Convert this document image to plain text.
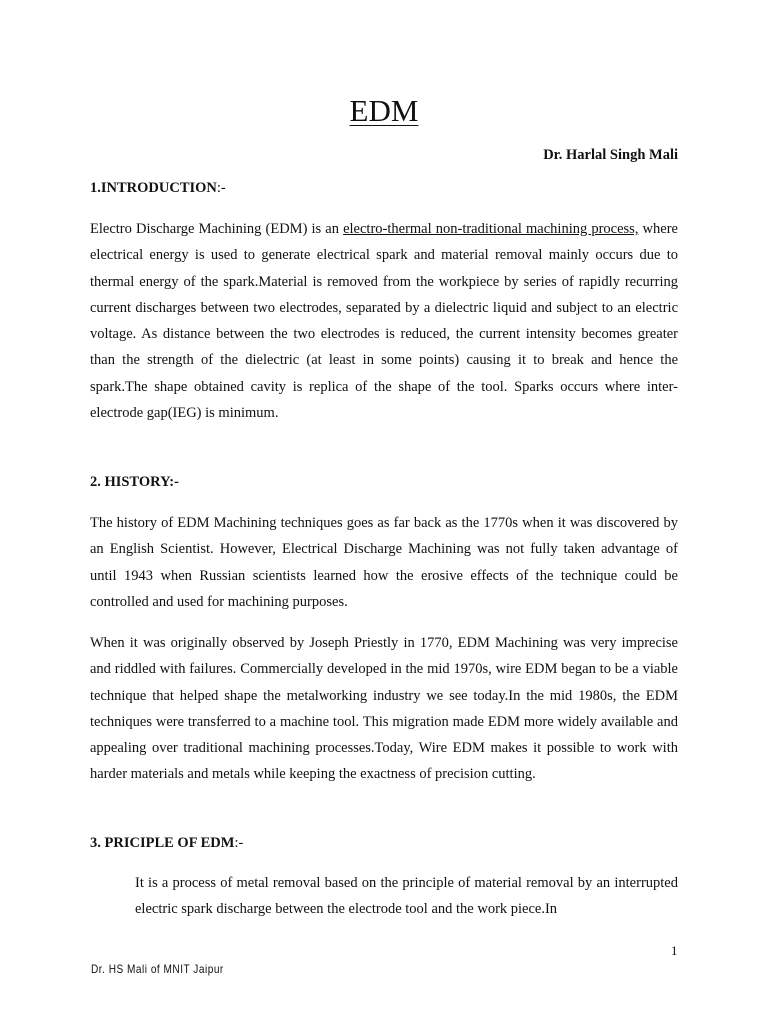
EDM
Dr. Harlal Singh Mali
1.INTRODUCTION:-

Electro Discharge Machining (EDM) is an electro-thermal non-traditional machining process, where electrical energy is used to generate electrical spark and material removal mainly occurs due to thermal energy of the spark.Material is removed from the workpiece by series of rapidly recurring current discharges between two electrodes, separated by a dielectric liquid and subject to an electric voltage. As distance between the two electrodes is reduced, the current intensity becomes greater than the strength of the dielectric (at least in some points) causing it to break and hence the spark.The shape obtained cavity is replica of the shape of the tool. Sparks occurs where inter-electrode gap(IEG) is minimum.

2. HISTORY:-

The history of EDM Machining techniques goes as far back as the 1770s when it was discovered by an English Scientist. However, Electrical Discharge Machining was not fully taken advantage of until 1943 when Russian scientists learned how the erosive effects of the technique could be controlled and used for machining purposes.

When it was originally observed by Joseph Priestly in 1770, EDM Machining was very imprecise and riddled with failures. Commercially developed in the mid 1970s, wire EDM began to be a viable technique that helped shape the metalworking industry we see today.In the mid 1980s, the EDM techniques were transferred to a machine tool. This migration made EDM more widely available and appealing over traditional machining processes.Today, Wire EDM makes it possible to work with harder materials and metals while keeping the exactness of precision cutting.

3. PRICIPLE OF EDM:-

It is a process of metal removal based on the principle of material removal by an interrupted electric spark discharge between the electrode tool and the work piece.In

1
Dr. HS Mali of MNIT Jaipur
